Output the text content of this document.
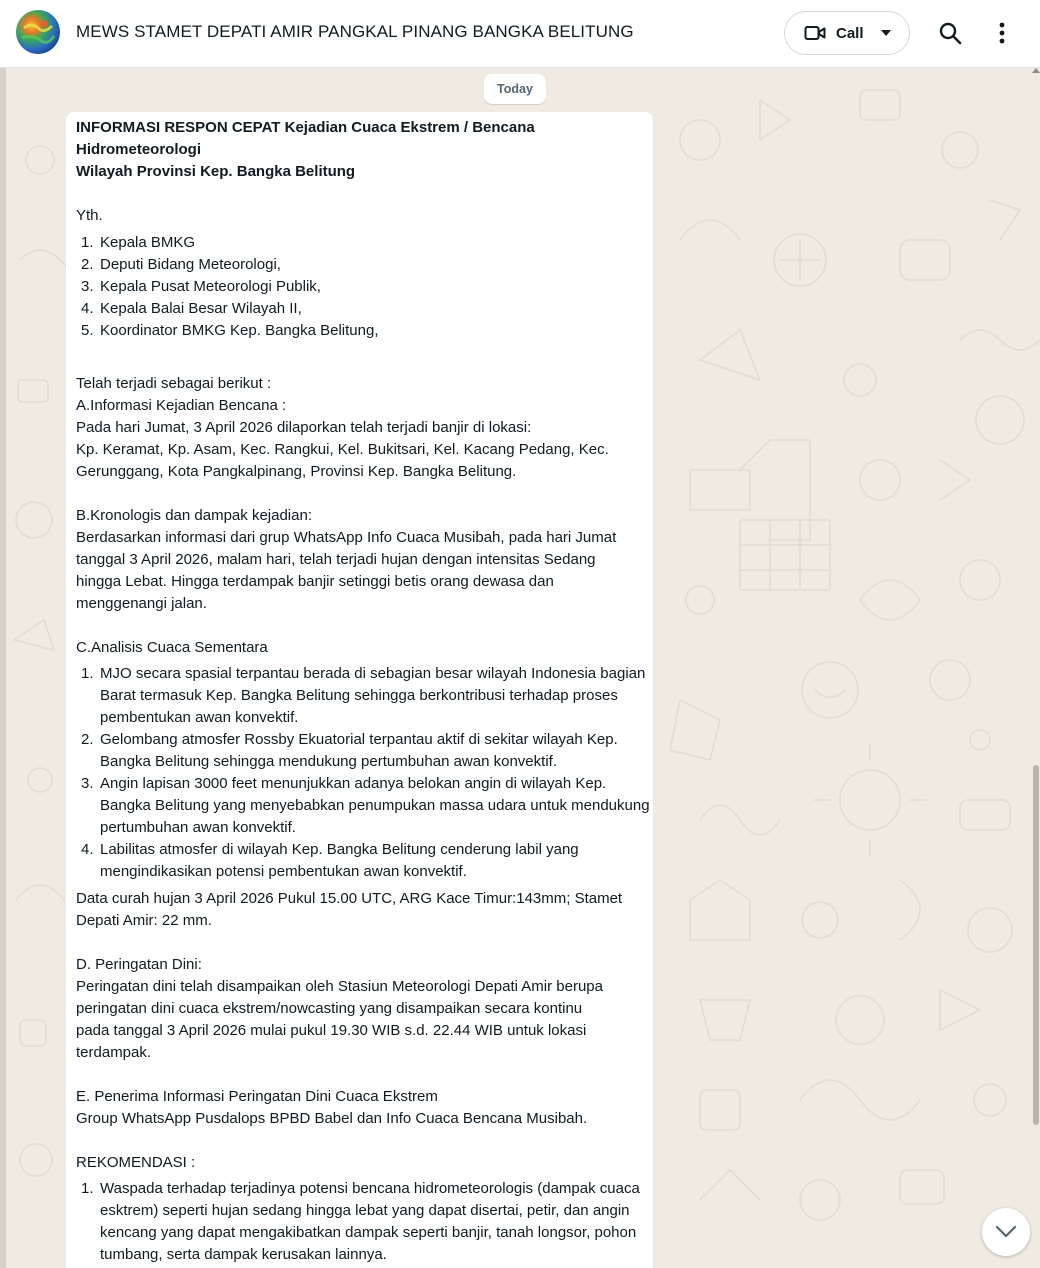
MEWS STAMET DEPATI AMIR PANGKAL PINANG BANGKA BELITUNG	Call
Today

INFORMASI RESPON CEPAT Kejadian Cuaca Ekstrem / Bencana

Hidrometeorologi

Wilayah Provinsi Kep. Bangka Belitung

Yth.

1. Kepala BMKG
2. Deputi Bidang Meteorologi,
3. Kepala Pusat Meteorologi Publik,
4. Kepala Balai Besar Wilayah II,
5. Koordinator BMKG Kep. Bangka Belitung,

Telah terjadi sebagai berikut :

A.Informasi Kejadian Bencana :

Pada hari Jumat, 3 April 2026 dilaporkan telah terjadi banjir di lokasi:

Kp. Keramat, Kp. Asam, Kec. Rangkui, Kel. Bukitsari, Kel. Kacang Pedang, Kec.

Gerunggang, Kota Pangkalpinang, Provinsi Kep. Bangka Belitung.

B.Kronologis dan dampak kejadian:

Berdasarkan informasi dari grup WhatsApp Info Cuaca Musibah, pada hari Jumat

tanggal 3 April 2026, malam hari, telah terjadi hujan dengan intensitas Sedang

hingga Lebat. Hingga terdampak banjir setinggi betis orang dewasa dan

menggenangi jalan.

C.Analisis Cuaca Sementara

1. MJO secara spasial terpantau berada di sebagian besar wilayah Indonesia bagian Barat termasuk Kep. Bangka Belitung sehingga berkontribusi terhadap proses pembentukan awan konvektif.
2. Gelombang atmosfer Rossby Ekuatorial terpantau aktif di sekitar wilayah Kep. Bangka Belitung sehingga mendukung pertumbuhan awan konvektif.
3. Angin lapisan 3000 feet menunjukkan adanya belokan angin di wilayah Kep. Bangka Belitung yang menyebabkan penumpukan massa udara untuk mendukung pertumbuhan awan konvektif.
4. Labilitas atmosfer di wilayah Kep. Bangka Belitung cenderung labil yang mengindikasikan potensi pembentukan awan konvektif.

Data curah hujan 3 April 2026 Pukul 15.00 UTC, ARG Kace Timur:143mm; Stamet

Depati Amir: 22 mm.

D. Peringatan Dini:

Peringatan dini telah disampaikan oleh Stasiun Meteorologi Depati Amir berupa

peringatan dini cuaca ekstrem/nowcasting yang disampaikan secara kontinu

pada tanggal 3 April 2026 mulai pukul 19.30 WIB s.d. 22.44 WIB untuk lokasi

terdampak.

E. Penerima Informasi Peringatan Dini Cuaca Ekstrem

Group WhatsApp Pusdalops BPBD Babel dan Info Cuaca Bencana Musibah.

REKOMENDASI :

1. Waspada terhadap terjadinya potensi bencana hidrometeorologis (dampak cuaca esktrem) seperti hujan sedang hingga lebat yang dapat disertai, petir, dan angin kencang yang dapat mengakibatkan dampak seperti banjir, tanah longsor, pohon tumbang, serta dampak kerusakan lainnya.
